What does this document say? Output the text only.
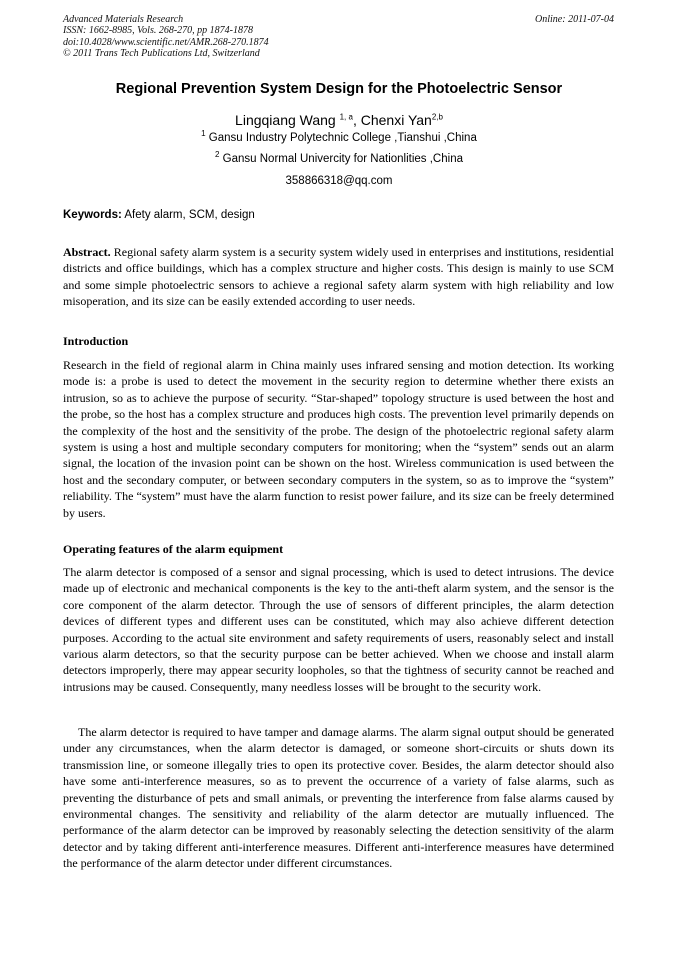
Advanced Materials Research
ISSN: 1662-8985, Vols. 268-270, pp 1874-1878
doi:10.4028/www.scientific.net/AMR.268-270.1874
© 2011 Trans Tech Publications Ltd, Switzerland
Online: 2011-07-04
Regional Prevention System Design for the Photoelectric Sensor
Lingqiang Wang $^{1, a}$, Chenxi Yan$^{2,b}$
$^1$ Gansu Industry Polytechnic College ,Tianshui ,China
$^2$ Gansu Normal Univercity for Nationlities ,China
358866318@qq.com
Keywords: Afety alarm, SCM, design
Abstract. Regional safety alarm system is a security system widely used in enterprises and institutions, residential districts and office buildings, which has a complex structure and higher costs. This design is mainly to use SCM and some simple photoelectric sensors to achieve a regional safety alarm system with high reliability and low misoperation, and its size can be easily extended according to user needs.
Introduction
Research in the field of regional alarm in China mainly uses infrared sensing and motion detection. Its working mode is: a probe is used to detect the movement in the security region to determine whether there exists an intrusion, so as to achieve the purpose of security. “Star-shaped” topology structure is used between the host and the probe, so the host has a complex structure and produces high costs. The prevention level primarily depends on the complexity of the host and the sensitivity of the probe. The design of the photoelectric regional safety alarm system is using a host and multiple secondary computers for monitoring; when the “system” sends out an alarm signal, the location of the invasion point can be shown on the host. Wireless communication is used between the host and the secondary computer, or between secondary computers in the system, so as to improve the “system” reliability. The “system” must have the alarm function to resist power failure, and its size can be freely determined by users.
Operating features of the alarm equipment
The alarm detector is composed of a sensor and signal processing, which is used to detect intrusions. The device made up of electronic and mechanical components is the key to the anti-theft alarm system, and the sensor is the core component of the alarm detector. Through the use of sensors of different principles, the alarm detection devices of different types and different uses can be constituted, which may also achieve different detection purposes. According to the actual site environment and safety requirements of users, reasonably select and install various alarm detectors, so that the security purpose can be better achieved. When we choose and install alarm detectors improperly, there may appear security loopholes, so that the tightness of security cannot be reached and intrusions may be caused. Consequently, many needless losses will be brought to the security work.
The alarm detector is required to have tamper and damage alarms. The alarm signal output should be generated under any circumstances, when the alarm detector is damaged, or someone short-circuits or shuts down its transmission line, or someone illegally tries to open its protective cover. Besides, the alarm detector should also have some anti-interference measures, so as to prevent the occurrence of a variety of false alarms, such as preventing the disturbance of pets and small animals, or preventing the interference from false alarms caused by environmental changes. The sensitivity and reliability of the alarm detector are mutually influenced. The performance of the alarm detector can be improved by reasonably selecting the detection sensitivity of the alarm detector and by taking different anti-interference measures. Different anti-interference measures have determined the performance of the alarm detector under different circumstances.
